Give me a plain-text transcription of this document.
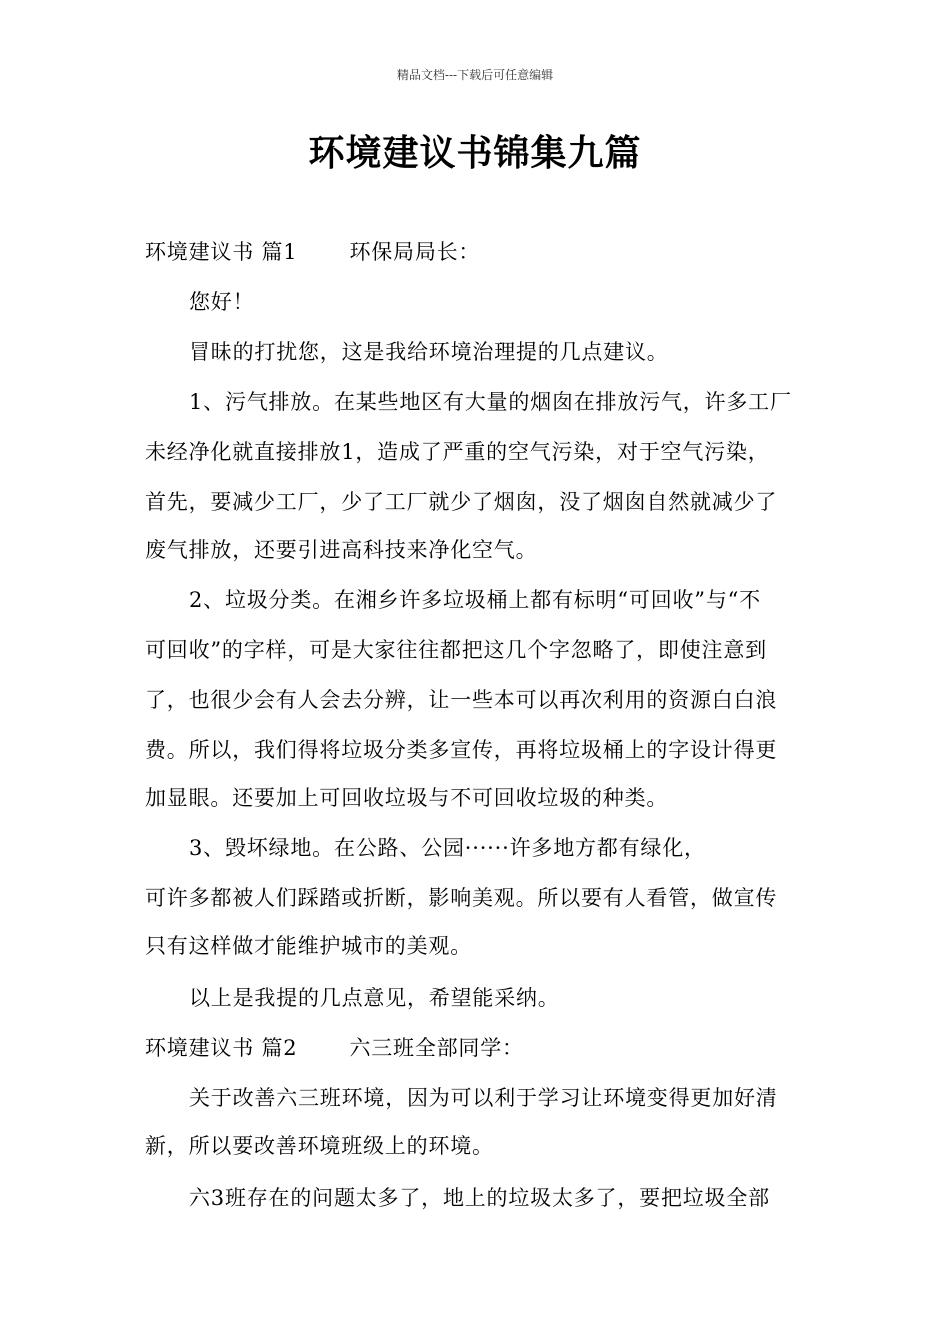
精品文档---下载后可任意编辑
环境建议书锦集九篇
环境建议书 篇1 环保局局长：
您好！
冒昧的打扰您，这是我给环境治理提的几点建议。
1、污气排放。在某些地区有大量的烟囱在排放污气，许多工厂
未经净化就直接排放1，造成了严重的空气污染，对于空气污染，
首先，要减少工厂，少了工厂就少了烟囱，没了烟囱自然就减少了
废气排放，还要引进高科技来净化空气。
2、垃圾分类。在湘乡许多垃圾桶上都有标明“可回收”与“不
可回收”的字样，可是大家往往都把这几个字忽略了，即使注意到
了，也很少会有人会去分辨，让一些本可以再次利用的资源白白浪
费。所以，我们得将垃圾分类多宣传，再将垃圾桶上的字设计得更
加显眼。还要加上可回收垃圾与不可回收垃圾的种类。
3、毁坏绿地。在公路、公园······许多地方都有绿化，
可许多都被人们踩踏或折断，影响美观。所以要有人看管，做宣传
只有这样做才能维护城市的美观。
以上是我提的几点意见，希望能采纳。
环境建议书 篇2 六三班全部同学：
关于改善六三班环境，因为可以利于学习让环境变得更加好清
新，所以要改善环境班级上的环境。
六3班存在的问题太多了，地上的垃圾太多了，要把垃圾全部
